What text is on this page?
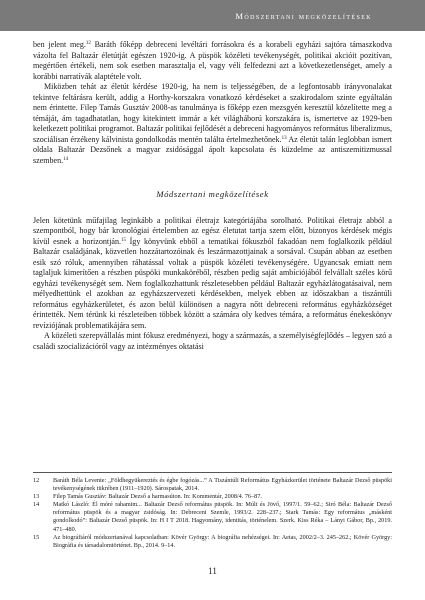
Módszertani megközelítések

ben jelent meg.$^{12}$ Baráth főképp debreceni levéltári forrásokra és a korabeli egyházi sajtóra támaszkodva vázolta fel Baltazár életútját egészen 1920-ig. A püspök közéleti tevékenységét, politikai akcióit pozitívan, megértően értékeli, nem sok esetben marasztalja el, vagy véli felfedezni azt a következetlenséget, amely a korábbi narratívák alaptétele volt.

Miközben tehát az életút kérdése 1920-ig, ha nem is teljességében, de a legfontosabb irányvonalakat tekintve feltárásra került, addig a Horthy-korszakra vonatkozó kérdéseket a szakirodalom szinte egyáltalán nem érintette. Filep Tamás Gusztáv 2008-as tanulmánya is főképp ezen mezsgyén keresztül közelítette meg a témáját, ám tagadhatatlan, hogy kitekintett immár a két világháború korszakára is, ismertetve az 1929-ben keletkezett politikai programot. Baltazár politikai fejlődését a debreceni hagyományos református liberalizmus, szociálisan érzékeny kálvinista gondolkodás mentén találta értelmezhetőnek.$^{13}$ Az életút talán leglobban ismert oldala Baltazár Dezsőnek a magyar zsidósággal ápolt kapcsolata és küzdelme az antiszemitizmussal szemben.$^{14}$

Módszertani megközelítések

Jelen kötetünk műfajilag leginkább a politikai életrajz kategóriájába sorolható. Politikai életrajz abból a szempontból, hogy bár kronológiai értelemben az egész életutat tartja szem előtt, bizonyos kérdések mégis kívül esnek a horizontján.$^{15}$ Így könyvünk ebből a tematikai fókuszból fakadóan nem foglalkozik például Baltazár családjának, közvetlen hozzátartozóinak és leszármazottjainak a sorsával. Csupán abban az esetben esik szó róluk, amennyiben ráhatással voltak a püspök közéleti tevékenységére. Ugyancsak emiatt nem taglaljuk kimerítően a részben püspöki munkaköréből, részben pedig saját ambíciójából felvállalt széles körű egyházi tevékenységét sem. Nem foglalkozhattunk részletesebben például Baltazár egyházlátogatásaival, nem mélyedhettünk el azokban az egyházszervezeti kérdésekben, melyek ebben az időszakban a tiszántúli református egyházkerületet, és azon belül különösen a nagyra nőtt debreceni református egyházközséget érintették. Nem térünk ki részleteiben többek között a számára oly kedves témára, a református énekeskönyv revíziójának problematikájára sem.

A közéleti szerepvállalás mint fókusz eredményezi, hogy a származás, a személyiségfejlődés – legyen szó a családi szocializációról vagy az intézményes oktatási

12	Baráth Béla Levente: „Földhegyükereztés és égbe fogózás...” A Tiszántúli Református Egyházkerület története Baltazár Dezső püspöki tevékenységének tükrében (1911–1920). Sárospatak, 2014.
13	Filep Tamás Gusztáv: Baltazár Dezső a harmasúton. In: Kommentár, 2008/4. 76–87.
14	Matkó László: Él móré rahamim... Baltazár Dezső református püspök. In: Múlt és Jövő, 1997/1. 59–62.; Siró Béla: Baltazár Dezső református püspök és a magyar zsidóság. In: Debreceni Szemle, 1993/2. 228–237.; Stark Tamás: Egy református „másként gondolkodó”: Baltazár Dezső püspök. In: H I T 2018. Hagyomány, identitás, történelem. Szerk. Kiss Réka – Lányi Gábor, Bp., 2019. 471–480.
15	Az biográfiáról módszertanával kapcsolatban: Kövér György: A biográfia nehézségei. In: Aetas, 2002/2–3. 245–262.; Kövér György: Biográfia és társadalomtörténet. Bp., 2014. 9–14.
11
